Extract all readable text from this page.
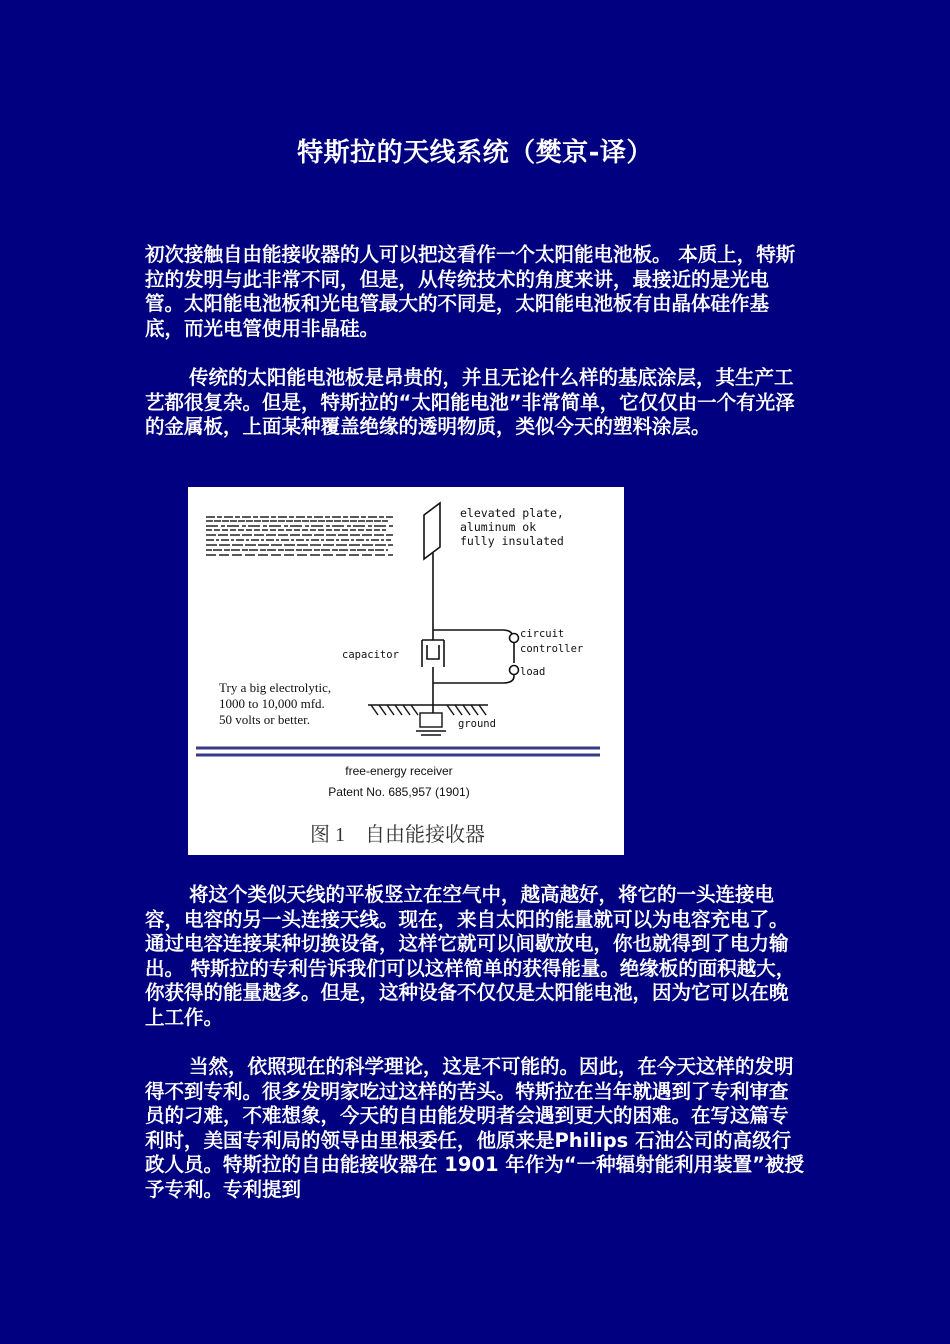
特斯拉的天线系统（樊京-译）

初次接触自由能接收器的人可以把这看作一个太阳能电池板。 本质上，特斯拉的发明与此非常不同，但是，从传统技术的角度来讲，最接近的是光电管。太阳能电池板和光电管最大的不同是，太阳能电池板有由晶体硅作基底，而光电管使用非晶硅。

传统的太阳能电池板是昂贵的，并且无论什么样的基底涂层，其生产工艺都很复杂。但是，特斯拉的“太阳能电池”非常简单，它仅仅由一个有光泽的金属板，上面某种覆盖绝缘的透明物质，类似今天的塑料涂层。

elevated plate,
aluminum ok
fully insulated
capacitor
circuit
controller
load
ground
Try a big electrolytic,
1000 to 10,000 mfd.
50 volts or better.
free-energy receiver
Patent No. 685,957 (1901)
图 1　自由能接收器

将这个类似天线的平板竖立在空气中，越高越好，将它的一头连接电容，电容的另一头连接天线。现在，来自太阳的能量就可以为电容充电了。通过电容连接某种切换设备，这样它就可以间歇放电，你也就得到了电力输出。 特斯拉的专利告诉我们可以这样简单的获得能量。绝缘板的面积越大，你获得的能量越多。但是，这种设备不仅仅是太阳能电池，因为它可以在晚上工作。

当然，依照现在的科学理论，这是不可能的。因此，在今天这样的发明得不到专利。很多发明家吃过这样的苦头。特斯拉在当年就遇到了专利审查员的刁难，不难想象，今天的自由能发明者会遇到更大的困难。在写这篇专利时，美国专利局的领导由里根委任，他原来是Philips 石油公司的高级行政人员。特斯拉的自由能接收器在 1901 年作为“一种辐射能利用装置”被授予专利。专利提到
